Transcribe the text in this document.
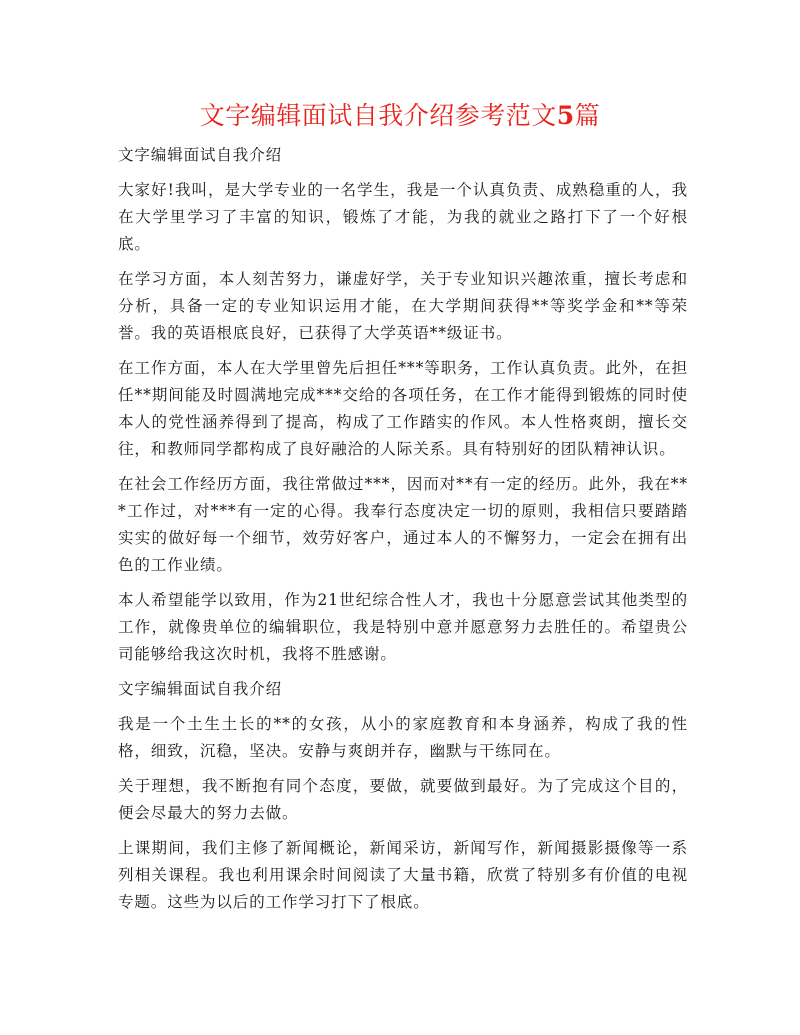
文字编辑面试自我介绍参考范文5篇

文字编辑面试自我介绍

大家好!我叫，是大学专业的一名学生，我是一个认真负责、成熟稳重的人，我在大学里学习了丰富的知识，锻炼了才能，为我的就业之路打下了一个好根底。

在学习方面，本人刻苦努力，谦虚好学，关于专业知识兴趣浓重，擅长考虑和分析，具备一定的专业知识运用才能，在大学期间获得**等奖学金和**等荣誉。我的英语根底良好，已获得了大学英语**级证书。

在工作方面，本人在大学里曾先后担任***等职务，工作认真负责。此外，在担任**期间能及时圆满地完成***交给的各项任务，在工作才能得到锻炼的同时使本人的党性涵养得到了提高，构成了工作踏实的作风。本人性格爽朗，擅长交往，和教师同学都构成了良好融洽的人际关系。具有特别好的团队精神认识。

在社会工作经历方面，我往常做过***，因而对**有一定的经历。此外，我在***工作过，对***有一定的心得。我奉行态度决定一切的原则，我相信只要踏踏实实的做好每一个细节，效劳好客户，通过本人的不懈努力，一定会在拥有出色的工作业绩。

本人希望能学以致用，作为21世纪综合性人才，我也十分愿意尝试其他类型的工作，就像贵单位的编辑职位，我是特别中意并愿意努力去胜任的。希望贵公司能够给我这次时机，我将不胜感谢。

文字编辑面试自我介绍

我是一个土生土长的**的女孩，从小的家庭教育和本身涵养，构成了我的性格，细致，沉稳，坚决。安静与爽朗并存，幽默与干练同在。

关于理想，我不断抱有同个态度，要做，就要做到最好。为了完成这个目的，便会尽最大的努力去做。

上课期间，我们主修了新闻概论，新闻采访，新闻写作，新闻摄影摄像等一系列相关课程。我也利用课余时间阅读了大量书籍，欣赏了特别多有价值的电视专题。这些为以后的工作学习打下了根底。
